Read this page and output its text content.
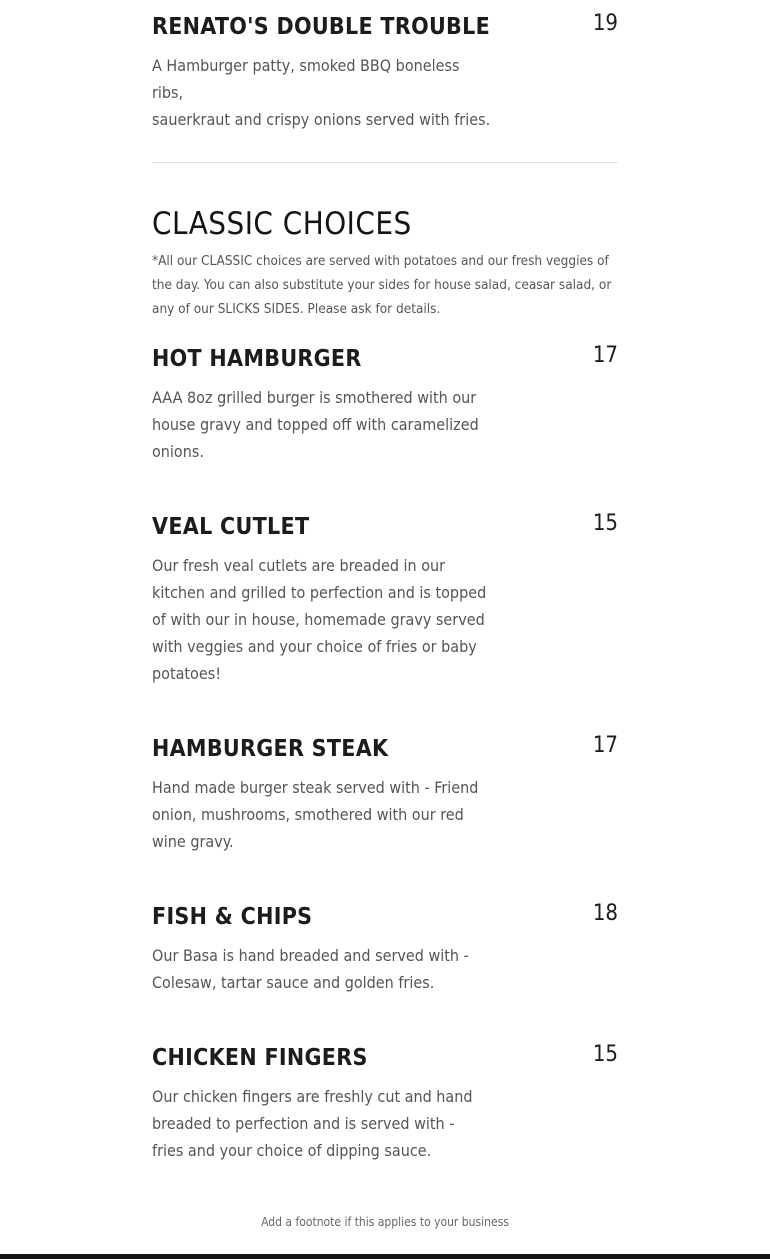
RENATO'S DOUBLE TROUBLE	19

A Hamburger patty, smoked BBQ boneless ribs,
sauerkraut and crispy onions served with fries.

CLASSIC CHOICES

*All our CLASSIC choices are served with potatoes and our fresh veggies of the day. You can also substitute your sides for house salad, ceasar salad, or any of our SLICKS SIDES. Please ask for details.

HOT HAMBURGER	17

AAA 8oz grilled burger is smothered with our
house gravy and topped off with caramelized
onions.

VEAL CUTLET	15

Our fresh veal cutlets are breaded in our
kitchen and grilled to perfection and is topped
of with our in house, homemade gravy served
with veggies and your choice of fries or baby
potatoes!

HAMBURGER STEAK	17

Hand made burger steak served with - Friend
onion, mushrooms, smothered with our red
wine gravy.

FISH & CHIPS	18

Our Basa is hand breaded and served with -
Colesaw, tartar sauce and golden fries.

CHICKEN FINGERS	15

Our chicken fingers are freshly cut and hand
breaded to perfection and is served with -
fries and your choice of dipping sauce.

Add a footnote if this applies to your business
